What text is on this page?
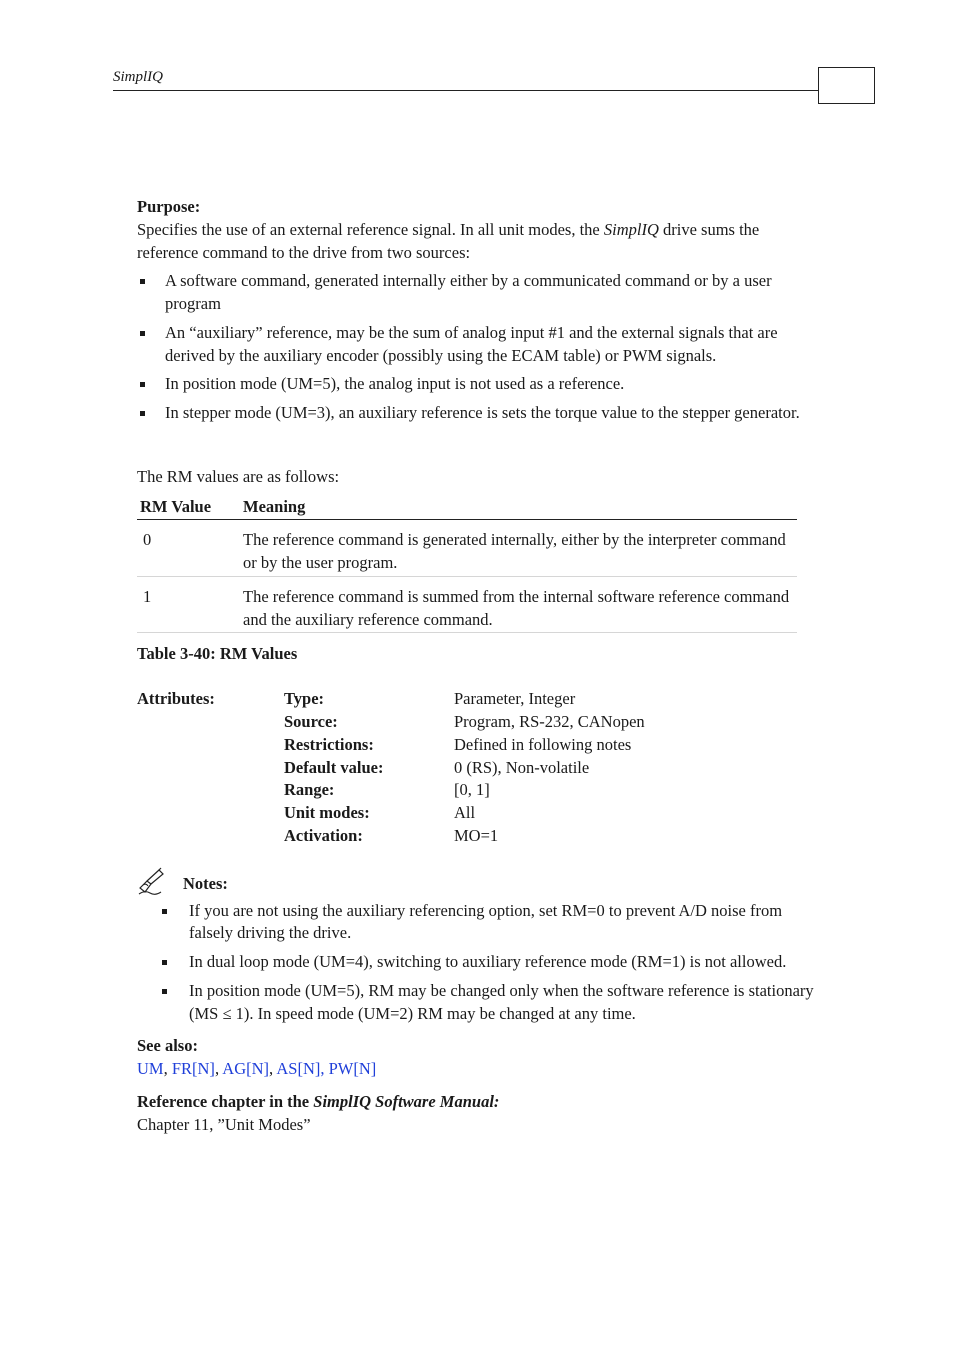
SimplIQ

Purpose:

Specifies the use of an external reference signal. In all unit modes, the SimplIQ drive sums the reference command to the drive from two sources:

A software command, generated internally either by a communicated command or by a user program
An “auxiliary” reference, may be the sum of analog input #1 and the external signals that are derived by the auxiliary encoder (possibly using the ECAM table) or PWM signals.
In position mode (UM=5), the analog input is not used as a reference.
In stepper mode (UM=3), an auxiliary reference is sets the torque value to the stepper generator.

The RM values are as follows:

RM Value	Meaning
0	The reference command is generated internally, either by the interpreter command or by the user program.
1	The reference command is summed from the internal software reference command and the auxiliary reference command.

Table 3-40: RM Values

Attributes:	Type:	Parameter, Integer
Source:	Program, RS-232, CANopen
Restrictions:	Defined in following notes
Default value:	0 (RS), Non-volatile
Range:	[0, 1]
Unit modes:	All
Activation:	MO=1
Notes:
If you are not using the auxiliary referencing option, set RM=0 to prevent A/D noise from falsely driving the drive.
In dual loop mode (UM=4), switching to auxiliary reference mode (RM=1) is not allowed.
In position mode (UM=5), RM may be changed only when the software reference is stationary (MS ≤ 1). In speed mode (UM=2) RM may be changed at any time.

See also:

UM, FR[N], AG[N], AS[N], PW[N]

Reference chapter in the SimplIQ Software Manual:

Chapter 11, ”Unit Modes”
